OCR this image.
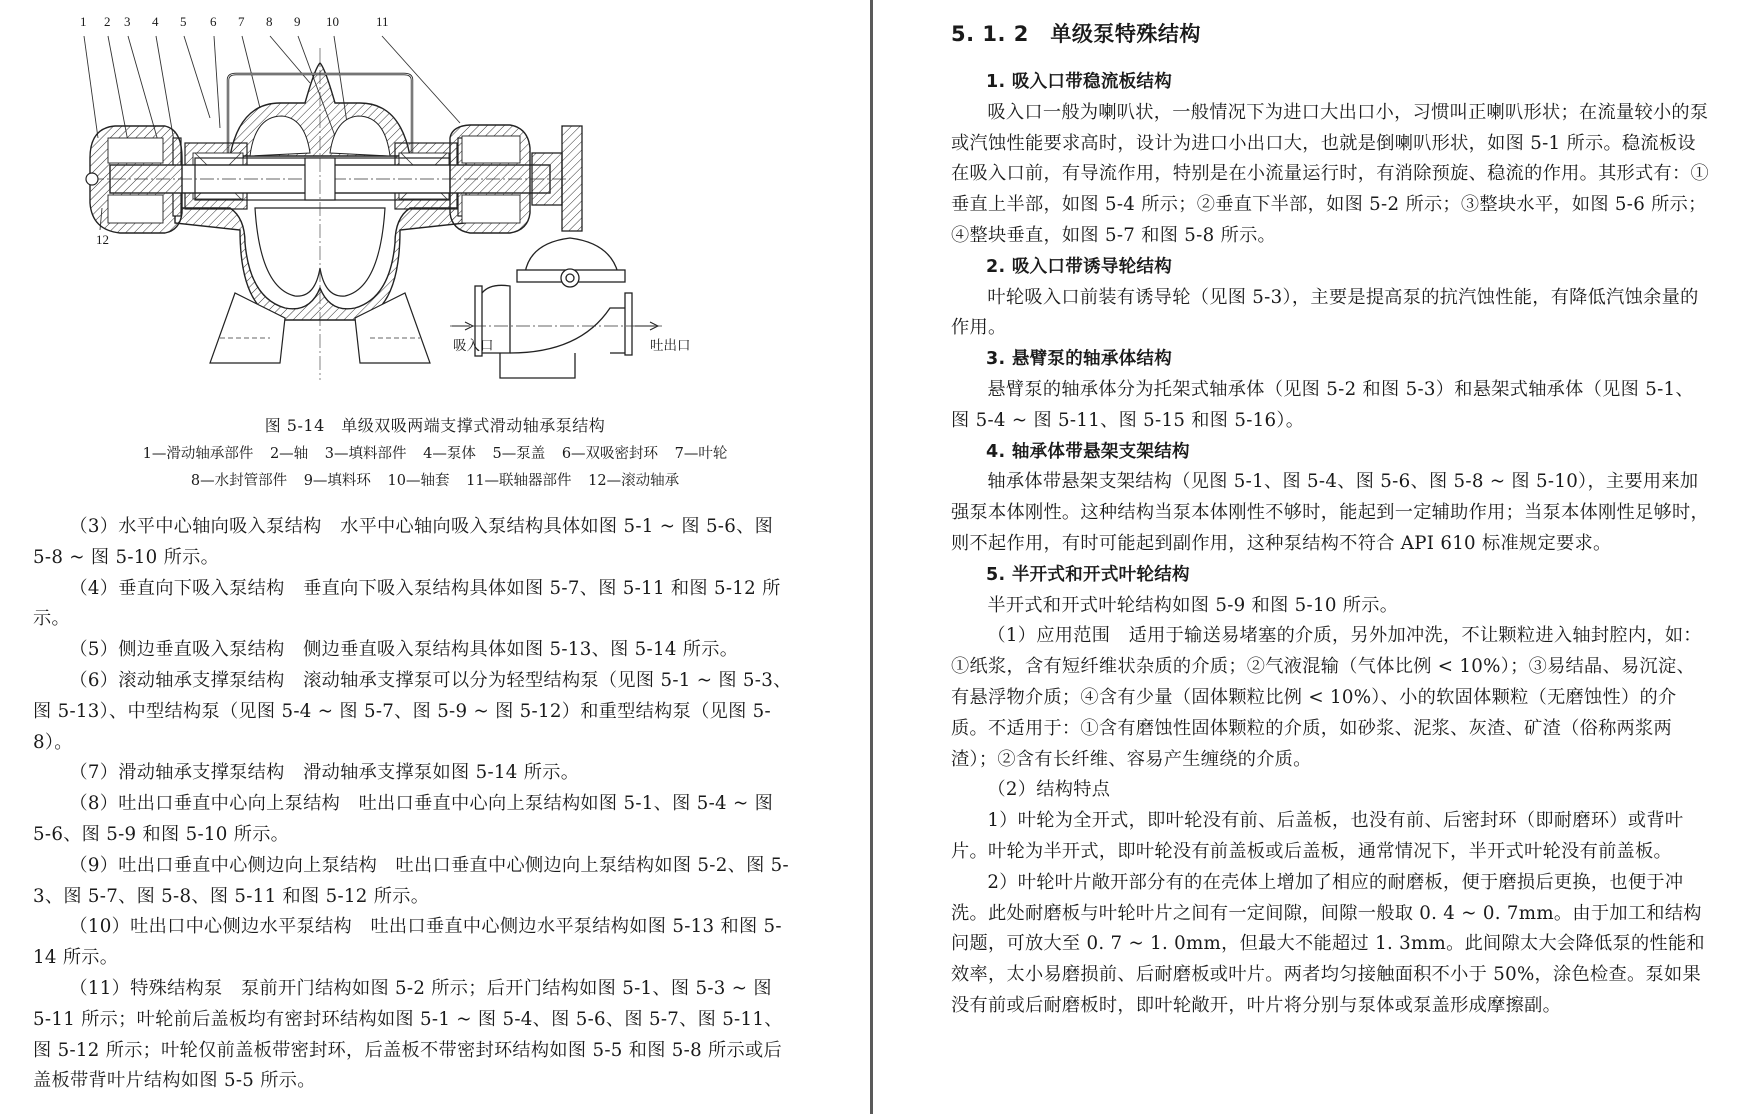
1 2 3 4 5 6 7 8 9 10	11
12
吸入口	吐出口
图 5-14　单级双吸两端支撑式滑动轴承泵结构
1—滑动轴承部件 2—轴 3—填料部件 4—泵体 5—泵盖 6—双吸密封环 7—叶轮
8—水封管部件 9—填料环 10—轴套 11—联轴器部件 12—滚动轴承

（3）水平中心轴向吸入泵结构　水平中心轴向吸入泵结构具体如图 5-1 ~ 图 5-6、图 5-8 ~ 图 5-10 所示。

（4）垂直向下吸入泵结构　垂直向下吸入泵结构具体如图 5-7、图 5-11 和图 5-12 所示。

（5）侧边垂直吸入泵结构　侧边垂直吸入泵结构具体如图 5-13、图 5-14 所示。

（6）滚动轴承支撑泵结构　滚动轴承支撑泵可以分为轻型结构泵（见图 5-1 ~ 图 5-3、图 5-13）、中型结构泵（见图 5-4 ~ 图 5-7、图 5-9 ~ 图 5-12）和重型结构泵（见图 5-8）。

（7）滑动轴承支撑泵结构　滑动轴承支撑泵如图 5-14 所示。

（8）吐出口垂直中心向上泵结构　吐出口垂直中心向上泵结构如图 5-1、图 5-4 ~ 图 5-6、图 5-9 和图 5-10 所示。

（9）吐出口垂直中心侧边向上泵结构　吐出口垂直中心侧边向上泵结构如图 5-2、图 5-3、图 5-7、图 5-8、图 5-11 和图 5-12 所示。

（10）吐出口中心侧边水平泵结构　吐出口垂直中心侧边水平泵结构如图 5-13 和图 5-14 所示。

（11）特殊结构泵　泵前开门结构如图 5-2 所示；后开门结构如图 5-1、图 5-3 ~ 图 5-11 所示；叶轮前后盖板均有密封环结构如图 5-1 ~ 图 5-4、图 5-6、图 5-7、图 5-11、图 5-12 所示；叶轮仅前盖板带密封环，后盖板不带密封环结构如图 5-5 和图 5-8 所示或后盖板带背叶片结构如图 5-5 所示。

5. 1. 2　单级泵特殊结构
1. 吸入口带稳流板结构

吸入口一般为喇叭状，一般情况下为进口大出口小，习惯叫正喇叭形状；在流量较小的泵或汽蚀性能要求高时，设计为进口小出口大，也就是倒喇叭形状，如图 5-1 所示。稳流板设在吸入口前，有导流作用，特别是在小流量运行时，有消除预旋、稳流的作用。其形式有：①垂直上半部，如图 5-4 所示；②垂直下半部，如图 5-2 所示；③整块水平，如图 5-6 所示；④整块垂直，如图 5-7 和图 5-8 所示。

2. 吸入口带诱导轮结构

叶轮吸入口前装有诱导轮（见图 5-3），主要是提高泵的抗汽蚀性能，有降低汽蚀余量的作用。

3. 悬臂泵的轴承体结构

悬臂泵的轴承体分为托架式轴承体（见图 5-2 和图 5-3）和悬架式轴承体（见图 5-1、图 5-4 ~ 图 5-11、图 5-15 和图 5-16）。

4. 轴承体带悬架支架结构

轴承体带悬架支架结构（见图 5-1、图 5-4、图 5-6、图 5-8 ~ 图 5-10），主要用来加强泵本体刚性。这种结构当泵本体刚性不够时，能起到一定辅助作用；当泵本体刚性足够时，则不起作用，有时可能起到副作用，这种泵结构不符合 API 610 标准规定要求。

5. 半开式和开式叶轮结构

半开式和开式叶轮结构如图 5-9 和图 5-10 所示。

（1）应用范围　适用于输送易堵塞的介质，另外加冲洗，不让颗粒进入轴封腔内，如：①纸浆，含有短纤维状杂质的介质；②气液混输（气体比例 < 10%）；③易结晶、易沉淀、有悬浮物介质；④含有少量（固体颗粒比例 < 10%）、小的软固体颗粒（无磨蚀性）的介质。不适用于：①含有磨蚀性固体颗粒的介质，如砂浆、泥浆、灰渣、矿渣（俗称两浆两渣）；②含有长纤维、容易产生缠绕的介质。

（2）结构特点

1）叶轮为全开式，即叶轮没有前、后盖板，也没有前、后密封环（即耐磨环）或背叶片。叶轮为半开式，即叶轮没有前盖板或后盖板，通常情况下，半开式叶轮没有前盖板。

2）叶轮叶片敞开部分有的在壳体上增加了相应的耐磨板，便于磨损后更换，也便于冲洗。此处耐磨板与叶轮叶片之间有一定间隙，间隙一般取 0. 4 ~ 0. 7mm。由于加工和结构问题，可放大至 0. 7 ~ 1. 0mm，但最大不能超过 1. 3mm。此间隙太大会降低泵的性能和效率，太小易磨损前、后耐磨板或叶片。两者均匀接触面积不小于 50%，涂色检查。泵如果没有前或后耐磨板时，即叶轮敞开，叶片将分别与泵体或泵盖形成摩擦副。
